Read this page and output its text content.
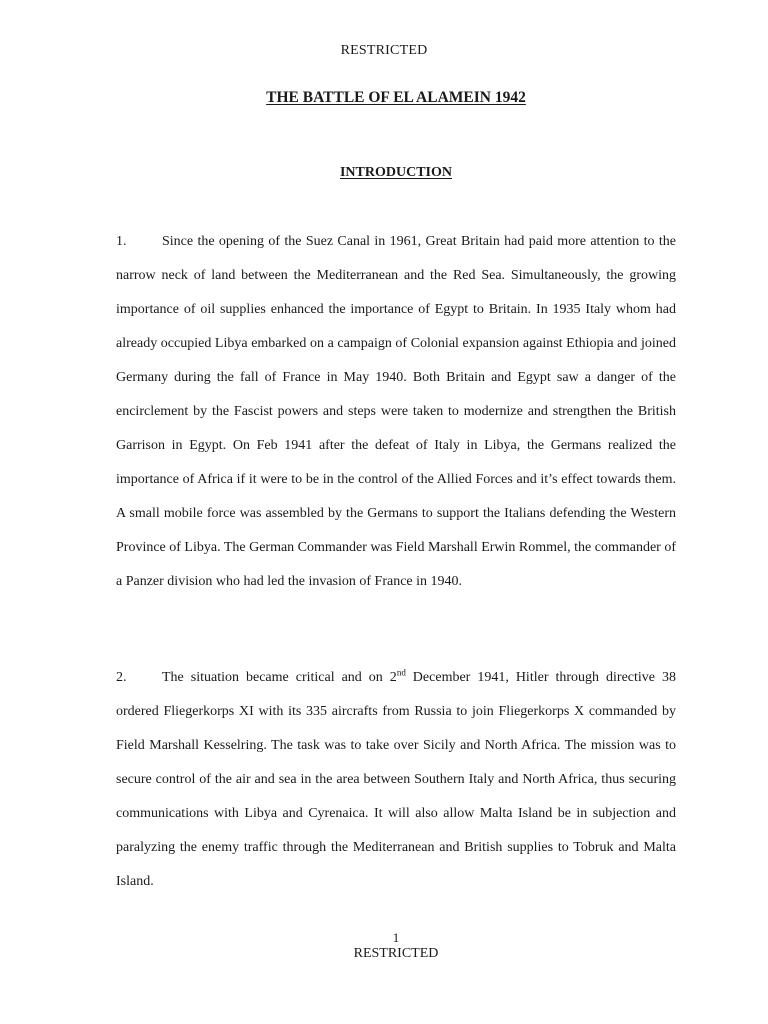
RESTRICTED
THE BATTLE OF EL ALAMEIN 1942
INTRODUCTION

1.	Since the opening of the Suez Canal in 1961, Great Britain had paid more attention to the narrow neck of land between the Mediterranean and the Red Sea. Simultaneously, the growing importance of oil supplies enhanced the importance of Egypt to Britain. In 1935 Italy whom had already occupied Libya embarked on a campaign of Colonial expansion against Ethiopia and joined Germany during the fall of France in May 1940. Both Britain and Egypt saw a danger of the encirclement by the Fascist powers and steps were taken to modernize and strengthen the British Garrison in Egypt. On Feb 1941 after the defeat of Italy in Libya, the Germans realized the importance of Africa if it were to be in the control of the Allied Forces and it’s effect towards them. A small mobile force was assembled by the Germans to support the Italians defending the Western Province of Libya. The German Commander was Field Marshall Erwin Rommel, the commander of a Panzer division who had led the invasion of France in 1940.

2.	The situation became critical and on 2nd December 1941, Hitler through directive 38 ordered Fliegerkorps XI with its 335 aircrafts from Russia to join Fliegerkorps X commanded by Field Marshall Kesselring. The task was to take over Sicily and North Africa. The mission was to secure control of the air and sea in the area between Southern Italy and North Africa, thus securing communications with Libya and Cyrenaica. It will also allow Malta Island be in subjection and paralyzing the enemy traffic through the Mediterranean and British supplies to Tobruk and Malta Island.

1
RESTRICTED
